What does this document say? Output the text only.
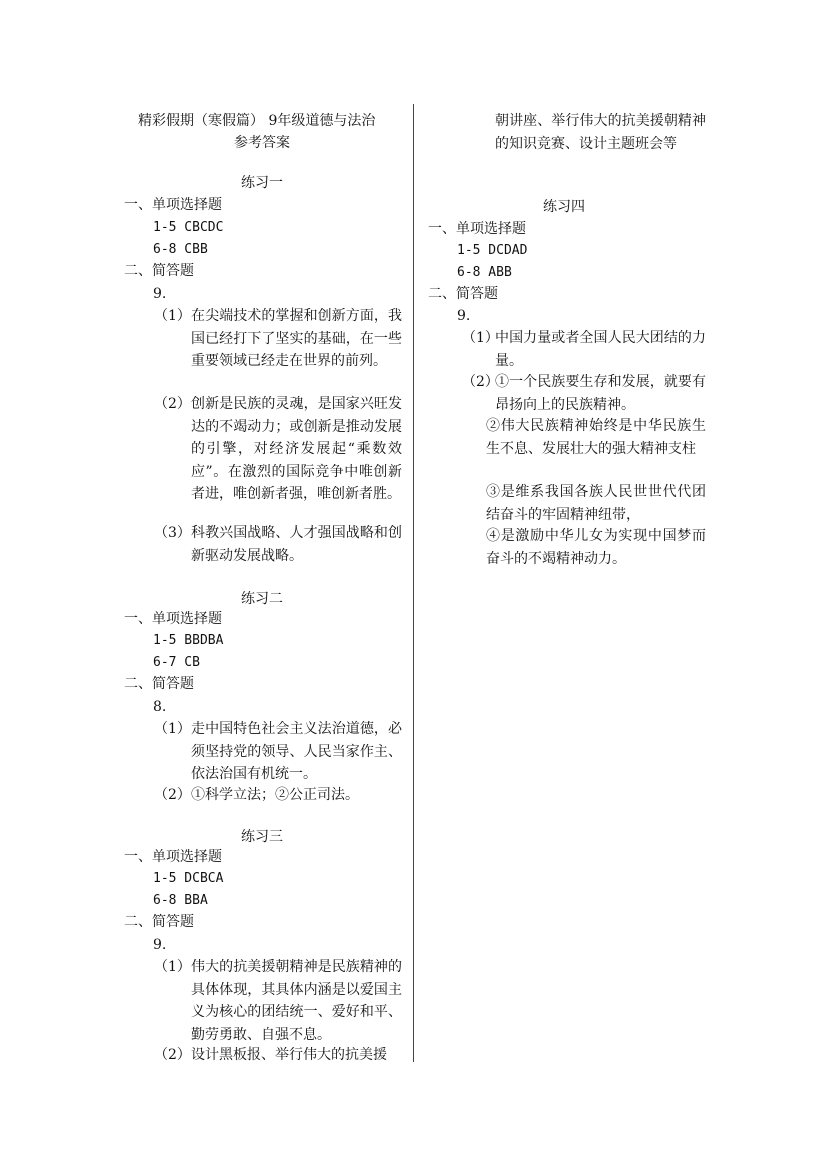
精彩假期（寒假篇） 9年级道德与法治
参考答案
练习一
一、单项选择题
1-5 CBCDC
6-8 CBB
二、简答题
9.
（1） 在尖端技术的掌握和创新方面，我国已经打下了坚实的基础，在一些重要领域已经走在世界的前列。
（2） 创新是民族的灵魂，是国家兴旺发达的不竭动力；或创新是推动发展的引擎，对经济发展起“乘数效应”。在激烈的国际竞争中唯创新者进，唯创新者强，唯创新者胜。
（3） 科教兴国战略、人才强国战略和创新驱动发展战略。
练习二
一、单项选择题
1-5 BBDBA
6-7 CB
二、简答题
8.
（1） 走中国特色社会主义法治道德，必须坚持党的领导、人民当家作主、依法治国有机统一。
（2） ①科学立法；②公正司法。
练习三
一、单项选择题
1-5 DCBCA
6-8 BBA
二、简答题
9.
（1） 伟大的抗美援朝精神是民族精神的具体体现，其具体内涵是以爱国主义为核心的团结统一、爱好和平、勤劳勇敢、自强不息。
（2） 设计黑板报、举行伟大的抗美援
朝讲座、举行伟大的抗美援朝精神的知识竞赛、设计主题班会等
练习四
一、单项选择题
1-5 DCDAD
6-8 ABB
二、简答题
9.
（1）
中国力量或者全国人民大团结的力量。
（2）
①一个民族要生存和发展，就要有昂扬向上的民族精神。
②伟大民族精神始终是中华民族生生不息、发展壮大的强大精神支柱
③是维系我国各族人民世世代代团结奋斗的牢固精神纽带，
④是激励中华儿女为实现中国梦而奋斗的不竭精神动力。
